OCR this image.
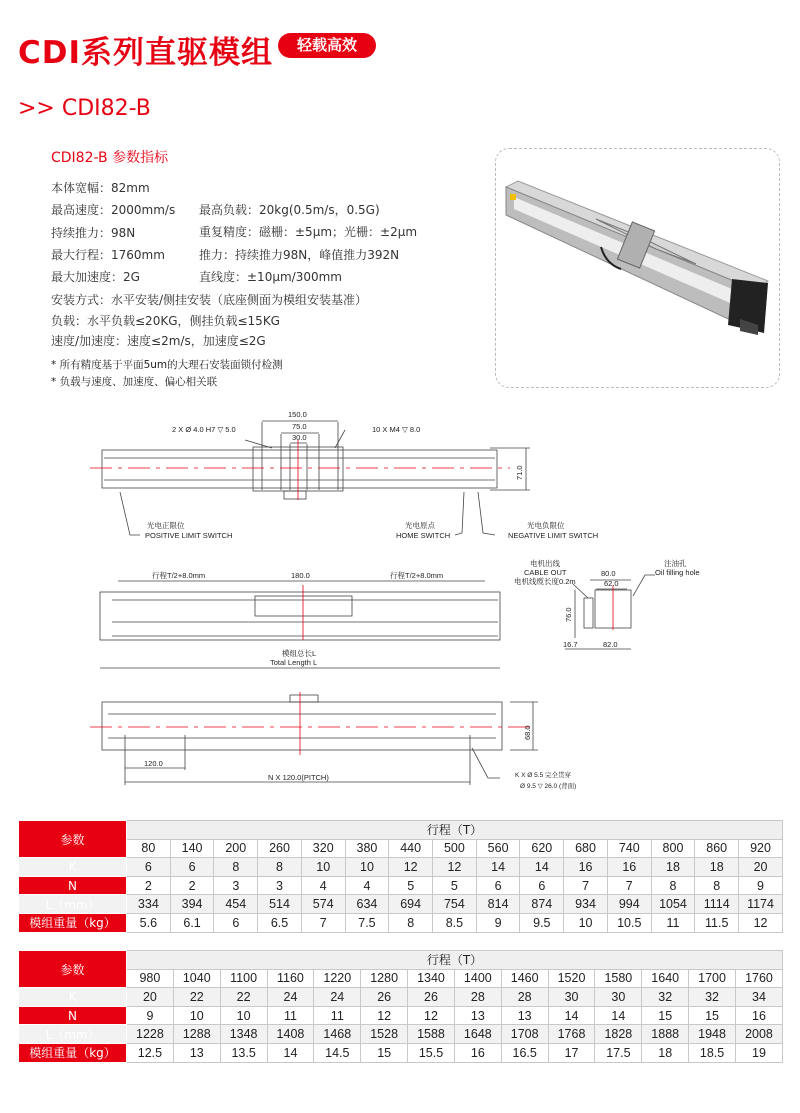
CDI系列直驱模组	轻载高效
>> CDI82-B
CDI82-B 参数指标
本体宽幅：82mm
最高速度：2000mm/s
持续推力：98N
最大行程：1760mm
最大加速度：2G
最高负载：20kg(0.5m/s，0.5G)
重复精度：磁栅：±5μm；光栅：±2μm
推力：持续推力98N，峰值推力392N
直线度：±10μm/300mm
安装方式：水平安装/侧挂安装（底座侧面为模组安装基准）
负载：水平负载≤20KG，侧挂负载≤15KG
速度/加速度：速度≤2m/s，加速度≤2G
* 所有精度基于平面5um的大理石安装面锁付检测
* 负载与速度、加速度、偏心相关联
150.0
75.0
30.0
2 X Ø 4.0 H7 ▽ 5.0	10 X M4 ▽ 8.0
71.0
光电正限位
POSITIVE LIMIT SWITCH
光电原点
HOME SWITCH
光电负限位
NEGATIVE LIMIT SWITCH
行程T/2+8.0mm	180.0	行程T/2+8.0mm
模组总长L
Total Length L
电机出线
CABLE OUT
电机线缆长度0.2m
注油孔
Oil filling hole
80.0
62.0
76.0
16.7	82.0
120.0
N X 120.0(PITCH)
68.0
K X Ø 5.5 完全贯穿
Ø 9.5 ▽ 26.0 (背面)
参数	行程（T）														
	80	140	200	260	320	380	440	500	560	620	680	740	800	860	920
K	6	6	8	8	10	10	12	12	14	14	16	16	18	18	20
N	2	2	3	3	4	4	5	5	6	6	7	7	8	8	9
L（mm）	334	394	454	514	574	634	694	754	814	874	934	994	1054	1114	1174
模组重量（kg）	5.6	6.1	6	6.5	7	7.5	8	8.5	9	9.5	10	10.5	11	11.5	12
参数	行程（T）													
	980	1040	1100	1160	1220	1280	1340	1400	1460	1520	1580	1640	1700	1760
K	20	22	22	24	24	26	26	28	28	30	30	32	32	34
N	9	10	10	11	11	12	12	13	13	14	14	15	15	16
L（mm）	1228	1288	1348	1408	1468	1528	1588	1648	1708	1768	1828	1888	1948	2008
模组重量（kg）	12.5	13	13.5	14	14.5	15	15.5	16	16.5	17	17.5	18	18.5	19
